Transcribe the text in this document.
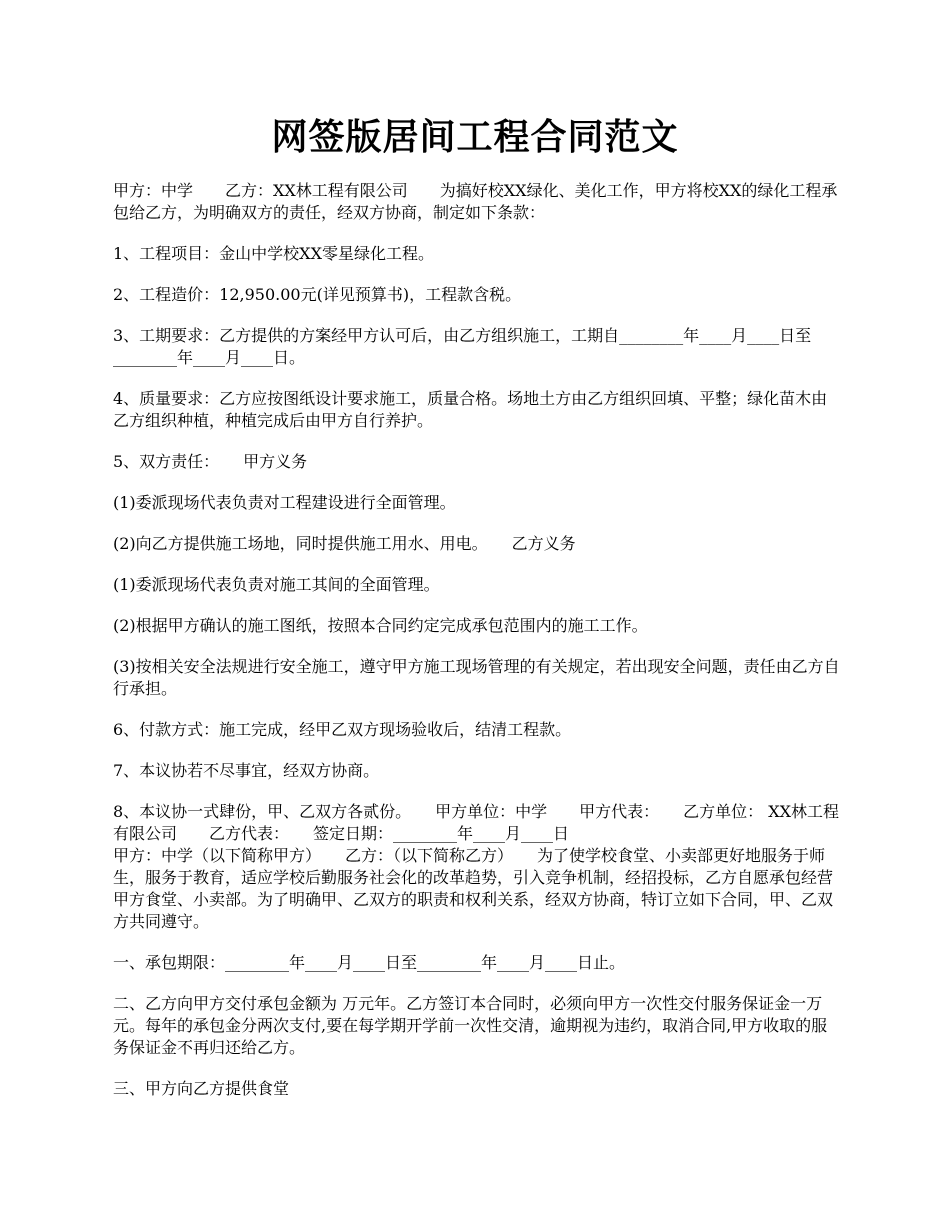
网签版居间工程合同范文

甲方：中学　　乙方：XX林工程有限公司　　为搞好校XX绿化、美化工作，甲方将校XX的绿化工程承包给乙方，为明确双方的责任，经双方协商，制定如下条款：

1、工程项目：金山中学校XX零星绿化工程。

2、工程造价：12,950.00元(详见预算书)，工程款含税。

3、工期要求：乙方提供的方案经甲方认可后，由乙方组织施工，工期自________年____月____日至________年____月____日。

4、质量要求：乙方应按图纸设计要求施工，质量合格。场地土方由乙方组织回填、平整；绿化苗木由乙方组织种植，种植完成后由甲方自行养护。

5、双方责任：　　甲方义务

(1)委派现场代表负责对工程建设进行全面管理。

(2)向乙方提供施工场地，同时提供施工用水、用电。　　乙方义务

(1)委派现场代表负责对施工其间的全面管理。

(2)根据甲方确认的施工图纸，按照本合同约定完成承包范围内的施工工作。

(3)按相关安全法规进行安全施工，遵守甲方施工现场管理的有关规定，若出现安全问题，责任由乙方自行承担。

6、付款方式：施工完成，经甲乙双方现场验收后，结清工程款。

7、本议协若不尽事宜，经双方协商。

8、本议协一式肆份，甲、乙双方各贰份。　　甲方单位：中学　　甲方代表：　　乙方单位： XX林工程有限公司　　乙方代表：　　签定日期：________年____月____日

甲方：中学（以下简称甲方）　　乙方：（以下简称乙方）　　为了使学校食堂、小卖部更好地服务于师生，服务于教育，适应学校后勤服务社会化的改革趋势，引入竞争机制，经招投标，乙方自愿承包经营甲方食堂、小卖部。为了明确甲、乙双方的职责和权利关系，经双方协商，特订立如下合同，甲、乙双方共同遵守。

一、承包期限：________年____月____日至________年____月____日止。

二、乙方向甲方交付承包金额为 万元年。乙方签订本合同时，必须向甲方一次性交付服务保证金一万元。每年的承包金分两次支付,要在每学期开学前一次性交清，逾期视为违约，取消合同,甲方收取的服务保证金不再归还给乙方。

三、甲方向乙方提供食堂
